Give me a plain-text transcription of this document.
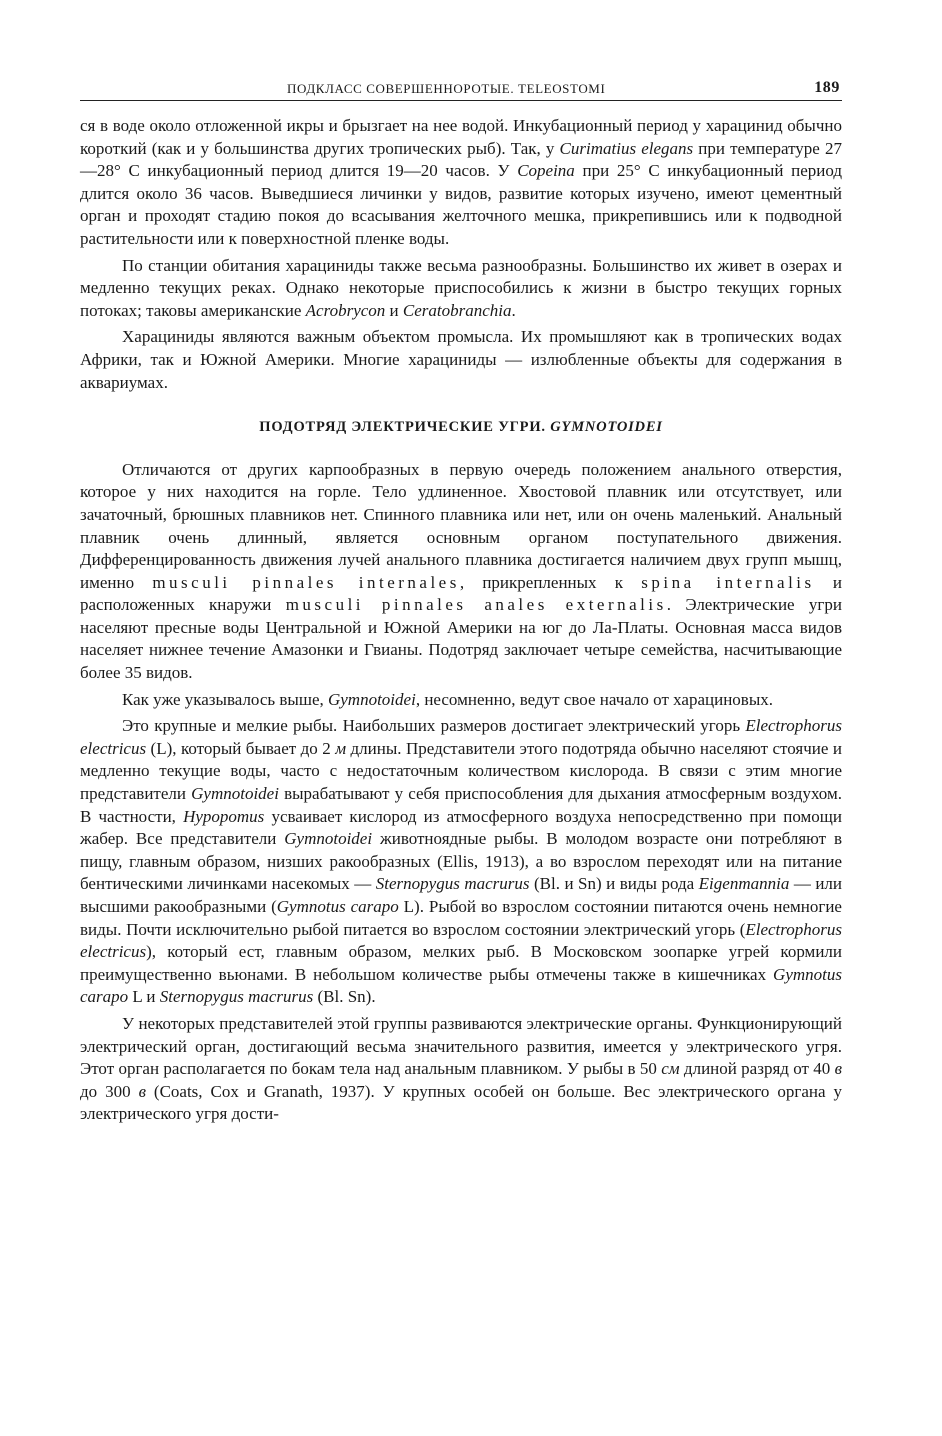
ПОДКЛАСС СОВЕРШЕННОРОТЫЕ. TELEOSTOMI	189

ся в воде около отложенной икры и брызгает на нее водой. Инкубационный период у харацинид обычно короткий (как и у большинства других тропических рыб). Так, у Curimatius elegans при температуре 27—28° С инкубационный период длится 19—20 часов. У Copeina при 25° С инкубационный период длится около 36 часов. Выведшиеся личинки у видов, развитие которых изучено, имеют цементный орган и проходят стадию покоя до всасывания желточного мешка, прикрепившись или к подводной растительности или к поверхностной пленке воды.

По станции обитания харациниды также весьма разнообразны. Большинство их живет в озерах и медленно текущих реках. Однако некоторые приспособились к жизни в быстро текущих горных потоках; таковы американские Acrobrycon и Ceratobranchia.

Харациниды являются важным объектом промысла. Их промышляют как в тропических водах Африки, так и Южной Америки. Многие харациниды — излюбленные объекты для содержания в аквариумах.

ПОДОТРЯД ЭЛЕКТРИЧЕСКИЕ УГРИ. GYMNOTOIDEI

Отличаются от других карпообразных в первую очередь положением анального отверстия, которое у них находится на горле. Тело удлиненное. Хвостовой плавник или отсутствует, или зачаточный, брюшных плавников нет. Спинного плавника или нет, или он очень маленький. Анальный плавник очень длинный, является основным органом поступательного движения. Дифференцированность движения лучей анального плавника достигается наличием двух групп мышц, именно musculi pinnales internales, прикрепленных к spina internalis и расположенных кнаружи musculi pinnales anales externalis. Электрические угри населяют пресные воды Центральной и Южной Америки на юг до Ла-Платы. Основная масса видов населяет нижнее течение Амазонки и Гвианы. Подотряд заключает четыре семейства, насчитывающие более 35 видов.

Как уже указывалось выше, Gymnotoidei, несомненно, ведут свое начало от харациновых.

Это крупные и мелкие рыбы. Наибольших размеров достигает электрический угорь Electrophorus electricus (L), который бывает до 2 м длины. Представители этого подотряда обычно населяют стоячие и медленно текущие воды, часто с недостаточным количеством кислорода. В связи с этим многие представители Gymnotoidei вырабатывают у себя приспособления для дыхания атмосферным воздухом. В частности, Hypopomus усваивает кислород из атмосферного воздуха непосредственно при помощи жабер. Все представители Gymnotoidei животноядные рыбы. В молодом возрасте они потребляют в пищу, главным образом, низших ракообразных (Ellis, 1913), а во взрослом переходят или на питание бентическими личинками насекомых — Sternopygus macrurus (Bl. и Sn) и виды рода Eigenmannia — или высшими ракообразными (Gymnotus carapo L). Рыбой во взрослом состоянии питаются очень немногие виды. Почти исключительно рыбой питается во взрослом состоянии электрический угорь (Electrophorus electricus), который ест, главным образом, мелких рыб. В Московском зоопарке угрей кормили преимущественно вьюнами. В небольшом количестве рыбы отмечены также в кишечниках Gymnotus carapo L и Sternopygus macrurus (Bl. Sn).

У некоторых представителей этой группы развиваются электрические органы. Функционирующий электрический орган, достигающий весьма значительного развития, имеется у электрического угря. Этот орган располагается по бокам тела над анальным плавником. У рыбы в 50 см длиной разряд от 40 в до 300 в (Coats, Cox и Granath, 1937). У крупных особей он больше. Вес электрического органа у электрического угря дости-
